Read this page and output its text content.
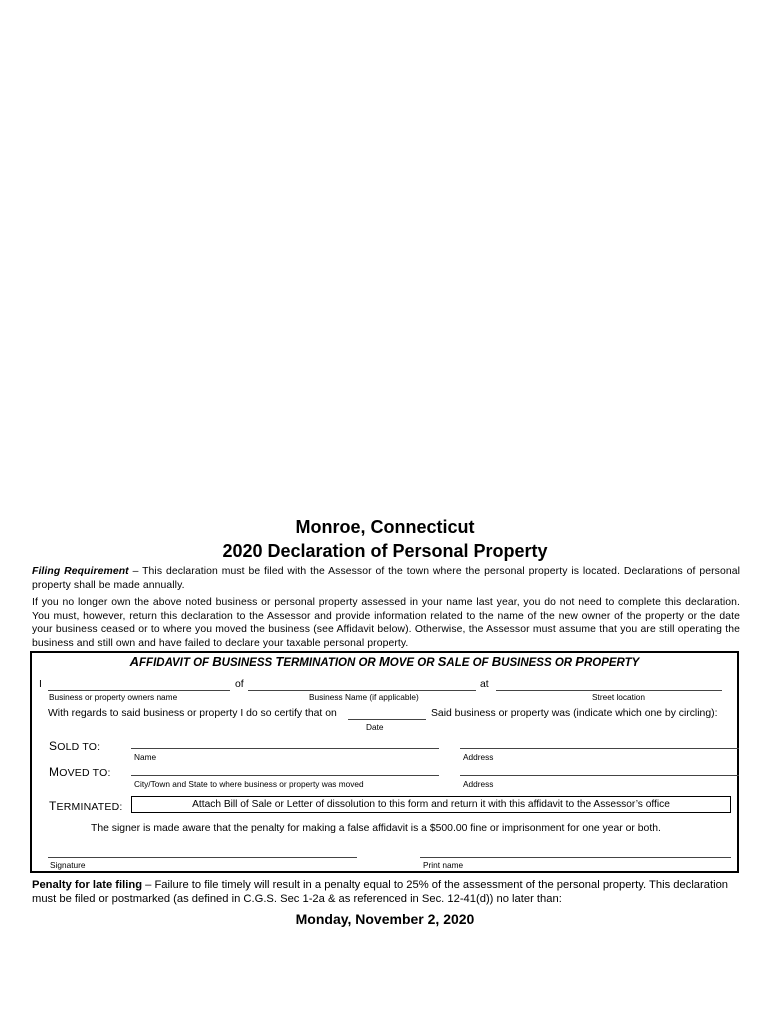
Monroe, Connecticut
2020 Declaration of Personal Property
Filing Requirement – This declaration must be filed with the Assessor of the town where the personal property is located. Declarations of personal property shall be made annually.
If you no longer own the above noted business or personal property assessed in your name last year, you do not need to complete this declaration. You must, however, return this declaration to the Assessor and provide information related to the name of the new owner of the property or the date your business ceased or to where you moved the business (see Affidavit below). Otherwise, the Assessor must assume that you are still operating the business and still own and have failed to declare your taxable personal property.
AFFIDAVIT OF BUSINESS TERMINATION OR MOVE OR SALE OF BUSINESS OR PROPERTY
I	of	at
Business or property owners name	Business Name (if applicable)	Street location
With regards to said business or property I do so certify that on	Said business or property was (indicate which one by circling):
Date
SOLD TO:
Name	Address
MOVED TO:
City/Town and State to where business or property was moved	Address
TERMINATED:	Attach Bill of Sale or Letter of dissolution to this form and return it with this affidavit to the Assessor’s office
The signer is made aware that the penalty for making a false affidavit is a $500.00 fine or imprisonment for one year or both.
Signature	Print name
Penalty for late filing – Failure to file timely will result in a penalty equal to 25% of the assessment of the personal property. This declaration must be filed or postmarked (as defined in C.G.S. Sec 1-2a & as referenced in Sec. 12-41(d)) no later than:
Monday, November 2, 2020
